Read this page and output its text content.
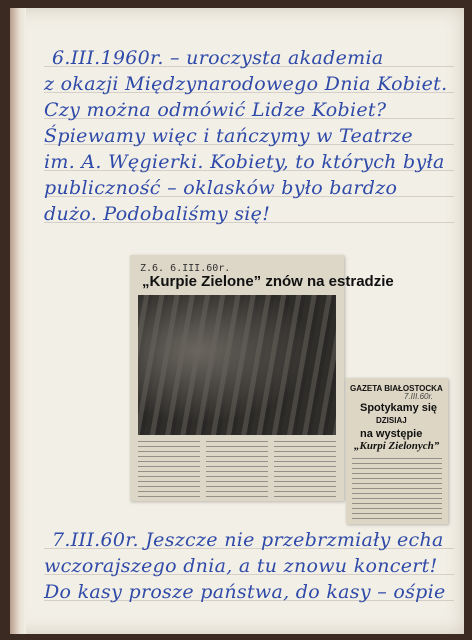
6.III.1960r. – uroczysta akademia
z okazji Międzynarodowego Dnia Kobiet.
Czy można odmówić Lidze Kobiet?
Śpiewamy więc i tańczymy w Teatrze
im. A. Węgierki. Kobiety, to których była
publiczność – oklasków było bardzo
dużo. Podobaliśmy się!
Z.6. 6.III.60r.
„Kurpie Zielone” znów na estradzie
GAZETA BIAŁOSTOCKA
7.III.60r.
Spotykamy się
DZISIAJ
na występie
„Kurpi Zielonych”
7.III.60r. Jeszcze nie przebrzmiały echa
wczorajszego dnia, a tu znowu koncert!
Do kasy prosze państwa, do kasy – ośpie
